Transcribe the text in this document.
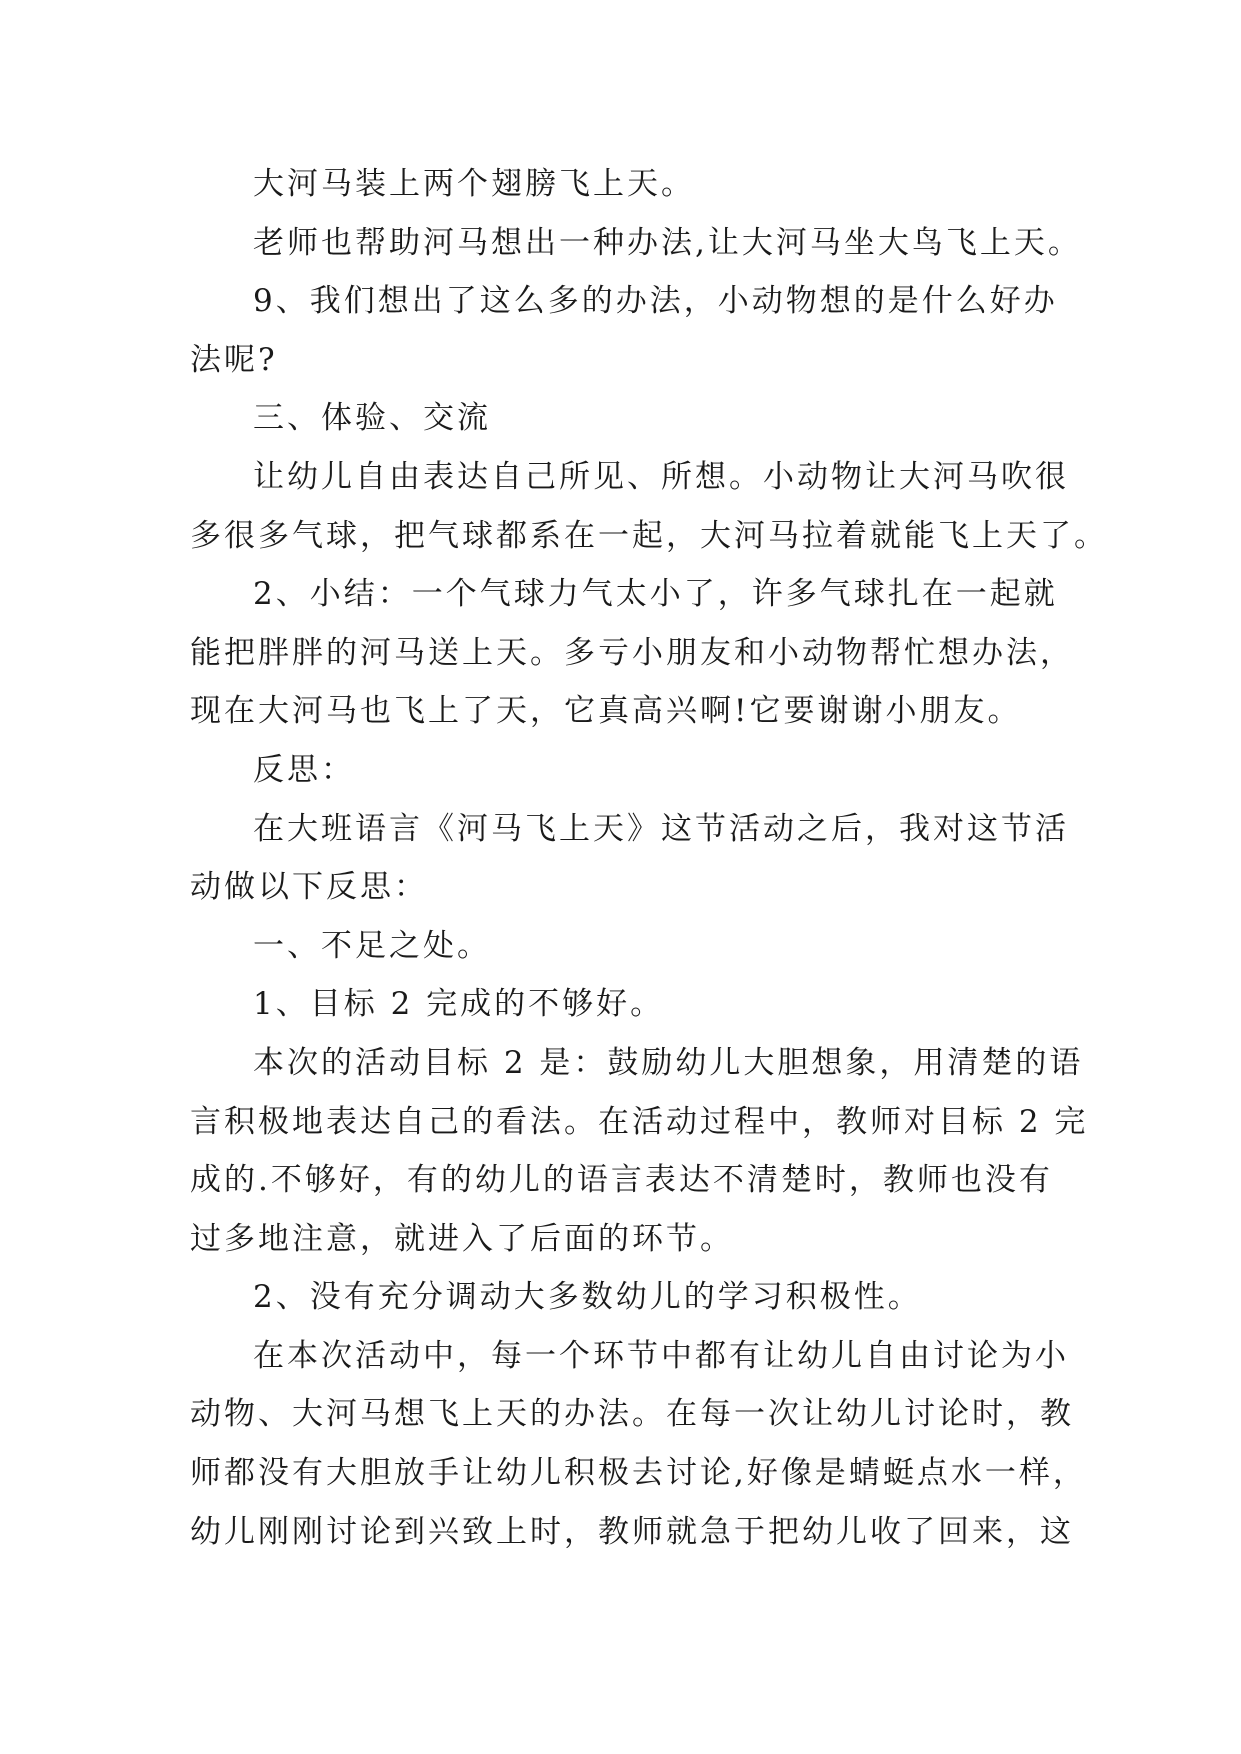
大河马装上两个翅膀飞上天。
老师也帮助河马想出一种办法,让大河马坐大鸟飞上天。
9、我们想出了这么多的办法，小动物想的是什么好办
法呢?
三、体验、交流
让幼儿自由表达自己所见、所想。小动物让大河马吹很
多很多气球，把气球都系在一起，大河马拉着就能飞上天了。
2、小结：一个气球力气太小了，许多气球扎在一起就
能把胖胖的河马送上天。多亏小朋友和小动物帮忙想办法，
现在大河马也飞上了天，它真高兴啊!它要谢谢小朋友。
反思：
在大班语言《河马飞上天》这节活动之后，我对这节活
动做以下反思：
一、不足之处。
1、目标 2 完成的不够好。
本次的活动目标 2 是：鼓励幼儿大胆想象，用清楚的语
言积极地表达自己的看法。在活动过程中，教师对目标 2 完
成的.不够好，有的幼儿的语言表达不清楚时，教师也没有
过多地注意，就进入了后面的环节。
2、没有充分调动大多数幼儿的学习积极性。
在本次活动中，每一个环节中都有让幼儿自由讨论为小
动物、大河马想飞上天的办法。在每一次让幼儿讨论时，教
师都没有大胆放手让幼儿积极去讨论,好像是蜻蜓点水一样，
幼儿刚刚讨论到兴致上时，教师就急于把幼儿收了回来，这
